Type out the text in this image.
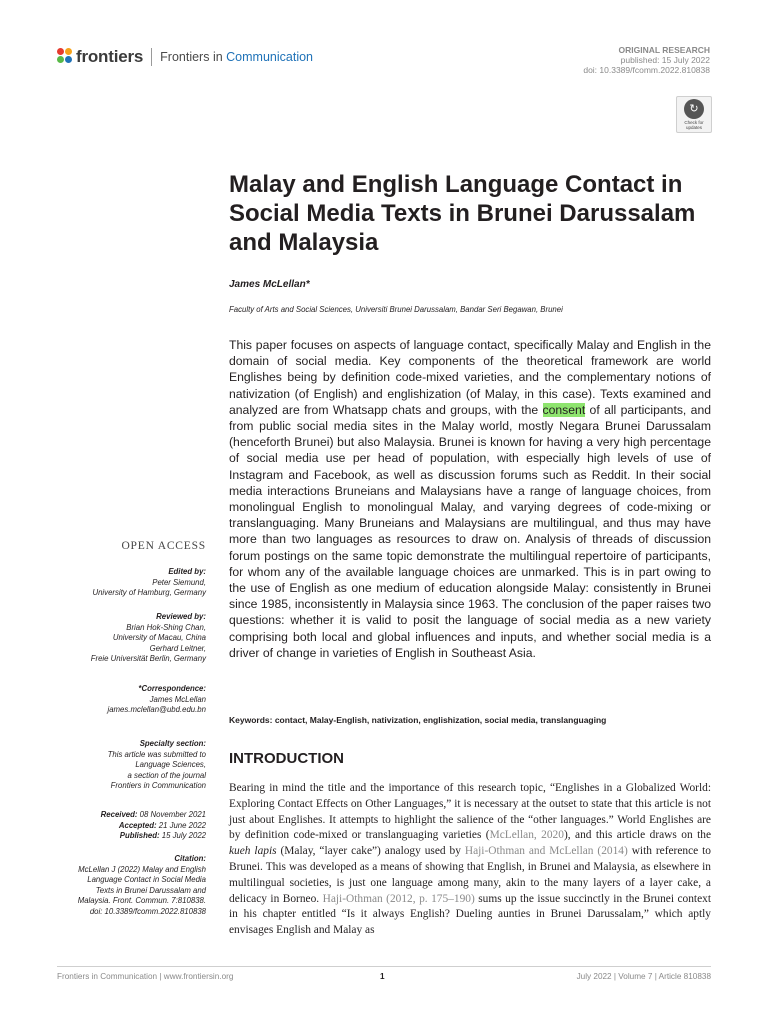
frontiers Frontiers in Communication	ORIGINAL RESEARCH
published: 15 July 2022
doi: 10.3389/fcomm.2022.810838
↻
Check for updates
Malay and English Language Contact in Social Media Texts in Brunei Darussalam and Malaysia
James McLellan*
Faculty of Arts and Social Sciences, Universiti Brunei Darussalam, Bandar Seri Begawan, Brunei
This paper focuses on aspects of language contact, specifically Malay and English in the domain of social media. Key components of the theoretical framework are world Englishes being by definition code-mixed varieties, and the complementary notions of nativization (of English) and englishization (of Malay, in this case). Texts examined and analyzed are from Whatsapp chats and groups, with the consent of all participants, and from public social media sites in the Malay world, mostly Negara Brunei Darussalam (henceforth Brunei) but also Malaysia. Brunei is known for having a very high percentage of social media use per head of population, with especially high levels of use of Instagram and Facebook, as well as discussion forums such as Reddit. In their social media interactions Bruneians and Malaysians have a range of language choices, from monolingual English to monolingual Malay, and varying degrees of code-mixing or translanguaging. Many Bruneians and Malaysians are multilingual, and thus may have more than two languages as resources to draw on. Analysis of threads of discussion forum postings on the same topic demonstrate the multilingual repertoire of participants, for whom any of the available language choices are unmarked. This is in part owing to the use of English as one medium of education alongside Malay: consistently in Brunei since 1985, inconsistently in Malaysia since 1963. The conclusion of the paper raises two questions: whether it is valid to posit the language of social media as a new variety comprising both local and global influences and inputs, and whether social media is a driver of change in varieties of English in Southeast Asia.
Keywords: contact, Malay-English, nativization, englishization, social media, translanguaging
INTRODUCTION
Bearing in mind the title and the importance of this research topic, “Englishes in a Globalized World: Exploring Contact Effects on Other Languages,” it is necessary at the outset to state that this article is not just about Englishes. It attempts to highlight the salience of the “other languages.” World Englishes are by definition code-mixed or translanguaging varieties (McLellan, 2020), and this article draws on the kueh lapis (Malay, “layer cake”) analogy used by Haji-Othman and McLellan (2014) with reference to Brunei. This was developed as a means of showing that English, in Brunei and Malaysia, as elsewhere in multilingual societies, is just one language among many, akin to the many layers of a layer cake, a delicacy in Borneo. Haji-Othman (2012, p. 175–190) sums up the issue succinctly in the Brunei context in his chapter entitled “Is it always English? Dueling aunties in Brunei Darussalam,” which aptly envisages English and Malay as
OPEN ACCESS
Edited by:
Peter Siemund,
University of Hamburg, Germany
Reviewed by:
Brian Hok-Shing Chan,
University of Macau, China
Gerhard Leitner,
Freie Universität Berlin, Germany
*Correspondence:
James McLellan
james.mclellan@ubd.edu.bn
Specialty section:
This article was submitted to
Language Sciences,
a section of the journal
Frontiers in Communication
Received: 08 November 2021
Accepted: 21 June 2022
Published: 15 July 2022
Citation:
McLellan J (2022) Malay and English
Language Contact in Social Media
Texts in Brunei Darussalam and
Malaysia. Front. Commun. 7:810838.
doi: 10.3389/fcomm.2022.810838
Frontiers in Communication | www.frontiersin.org	1	July 2022 | Volume 7 | Article 810838
